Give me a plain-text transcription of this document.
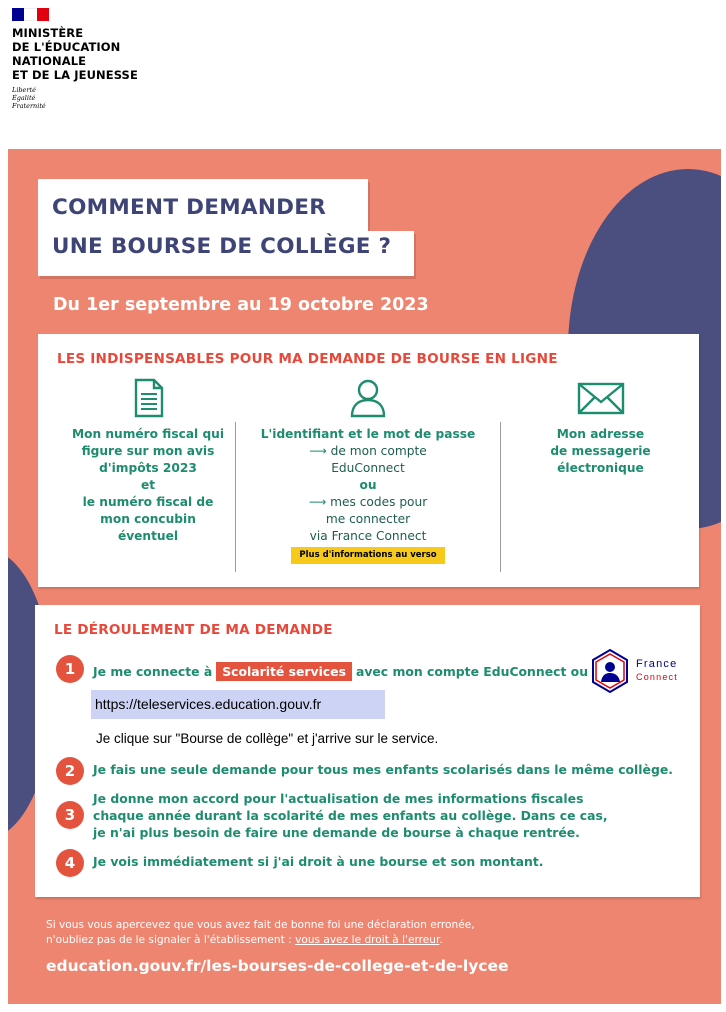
MINISTÈRE
DE L'ÉDUCATION
NATIONALE
ET DE LA JEUNESSE
Liberté
Égalité
Fraternité
COMMENT DEMANDER
UNE BOURSE DE COLLÈGE ?
Du 1er septembre au 19 octobre 2023
LES INDISPENSABLES POUR MA DEMANDE DE BOURSE EN LIGNE
Mon numéro fiscal qui
figure sur mon avis
d'impôts 2023
et
le numéro fiscal de
mon concubin
éventuel
L'identifiant et le mot de passe
⟶ de mon compte
EduConnect
ou
⟶ mes codes pour
me connecter
via France Connect
Plus d'informations au verso
Mon adresse
de messagerie
électronique
LE DÉROULEMENT DE MA DEMANDE
1	Je me connecte à Scolarité services avec mon compte EduConnect ou	France
Connect
https://teleservices.education.gouv.fr
Je clique sur "Bourse de collège" et j'arrive sur le service.
2	Je fais une seule demande pour tous mes enfants scolarisés dans le même collège.
3
Je donne mon accord pour l'actualisation de mes informations fiscales
chaque année durant la scolarité de mes enfants au collège. Dans ce cas,
je n'ai plus besoin de faire une demande de bourse à chaque rentrée.
4	Je vois immédiatement si j'ai droit à une bourse et son montant.
Si vous vous apercevez que vous avez fait de bonne foi une déclaration erronée,
n'oubliez pas de le signaler à l'établissement : vous avez le droit à l'erreur.
education.gouv.fr/les-bourses-de-college-et-de-lycee
